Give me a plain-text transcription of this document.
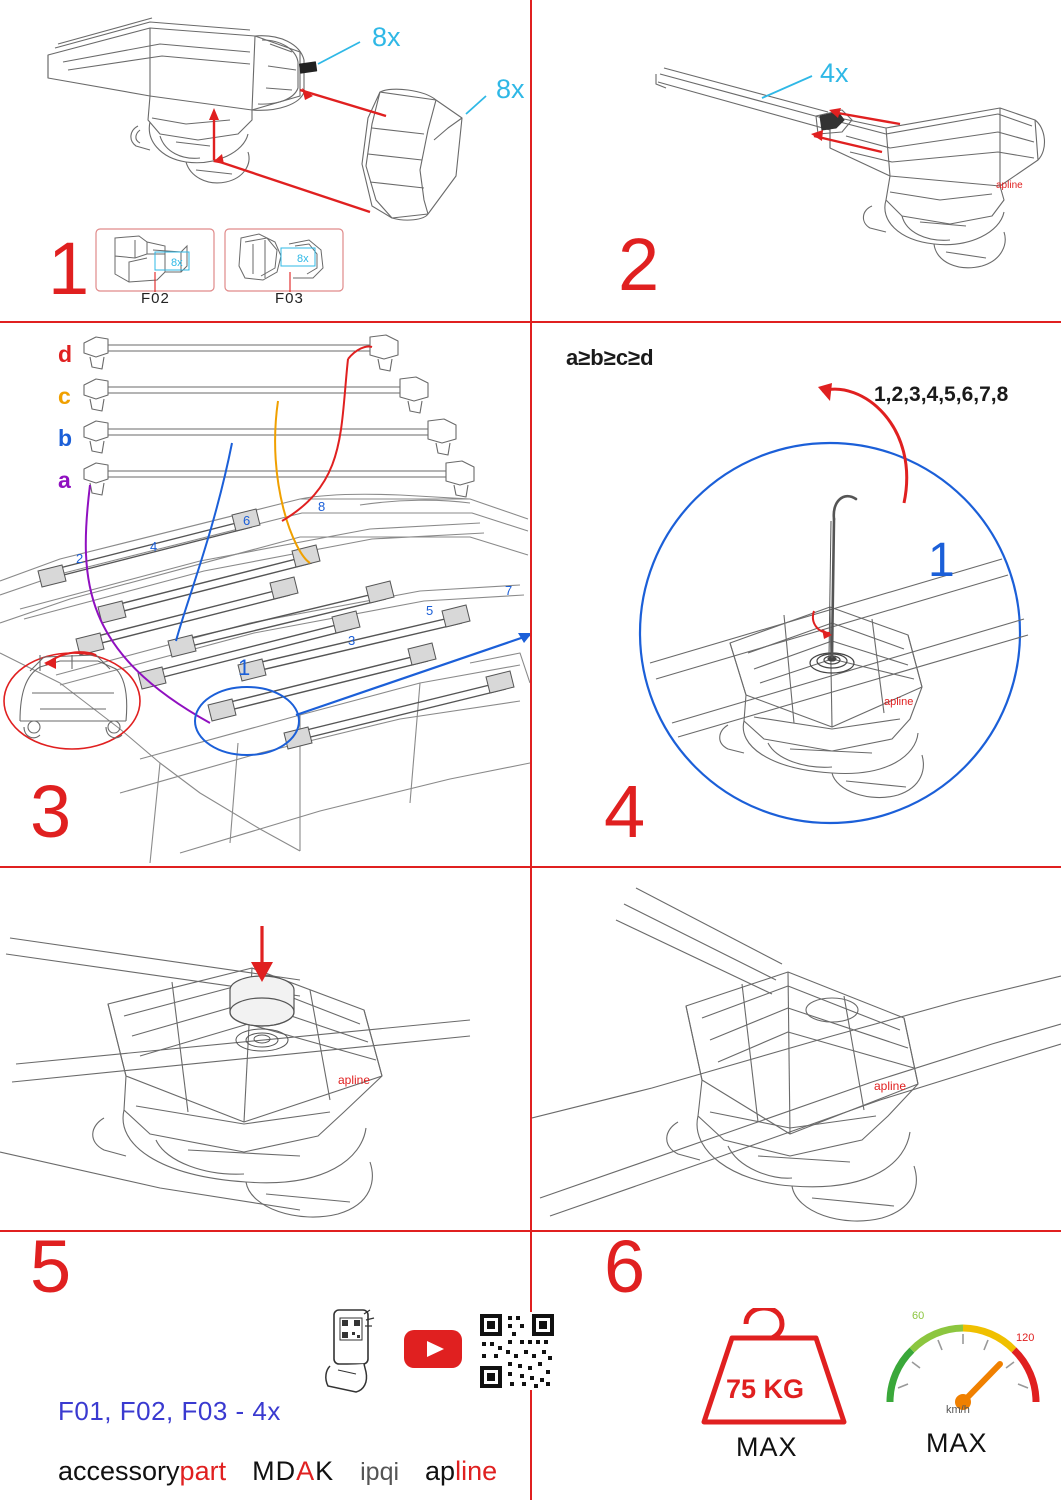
8x
8x
8x	8x
F02	F03
1
apline
4x
2
d
c
b
a
2
4
6
8
7
5
3
1
3
a≥b≥c≥d
apline
1,2,3,4,5,6,7,8
1
4
apline
5
F01, F02, F03 - 4x
accessorypart MDAK ipqi apline
apline
6
75 KG
MAX
60
120
km/h
MAX
